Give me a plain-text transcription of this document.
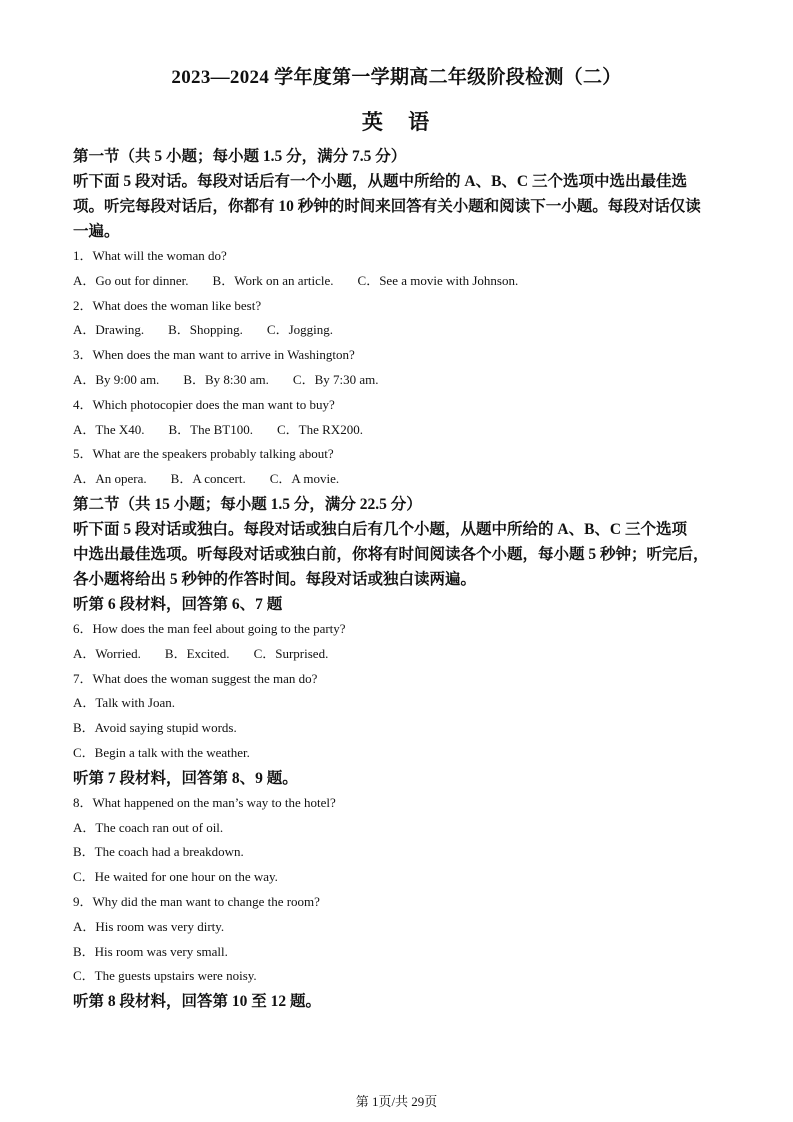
2023—2024 学年度第一学期高二年级阶段检测（二）
英 语
第一节（共 5 小题；每小题 1.5 分，满分 7.5 分）
听下面 5 段对话。每段对话后有一个小题，从题中所给的 A、B、C 三个选项中选出最佳选
项。听完每段对话后，你都有 10 秒钟的时间来回答有关小题和阅读下一小题。每段对话仅读
一遍。
1．What will the woman do?
A．Go out for dinner. B．Work on an article. C．See a movie with Johnson.
2．What does the woman like best?
A．Drawing. B．Shopping. C．Jogging.
3．When does the man want to arrive in Washington?
A．By 9:00 am. B．By 8:30 am. C．By 7:30 am.
4．Which photocopier does the man want to buy?
A．The X40. B．The BT100. C．The RX200.
5．What are the speakers probably talking about?
A．An opera. B．A concert. C．A movie.
第二节（共 15 小题；每小题 1.5 分，满分 22.5 分）
听下面 5 段对话或独白。每段对话或独白后有几个小题，从题中所给的 A、B、C 三个选项
中选出最佳选项。听每段对话或独白前，你将有时间阅读各个小题，每小题 5 秒钟；听完后，
各小题将给出 5 秒钟的作答时间。每段对话或独白读两遍。
听第 6 段材料，回答第 6、7 题
6．How does the man feel about going to the party?
A．Worried. B．Excited. C．Surprised.
7．What does the woman suggest the man do?
A．Talk with Joan.
B．Avoid saying stupid words.
C．Begin a talk with the weather.
听第 7 段材料，回答第 8、9 题。
8．What happened on the man’s way to the hotel?
A．The coach ran out of oil.
B．The coach had a breakdown.
C．He waited for one hour on the way.
9．Why did the man want to change the room?
A．His room was very dirty.
B．His room was very small.
C．The guests upstairs were noisy.
听第 8 段材料，回答第 10 至 12 题。
第 1页/共 29页
